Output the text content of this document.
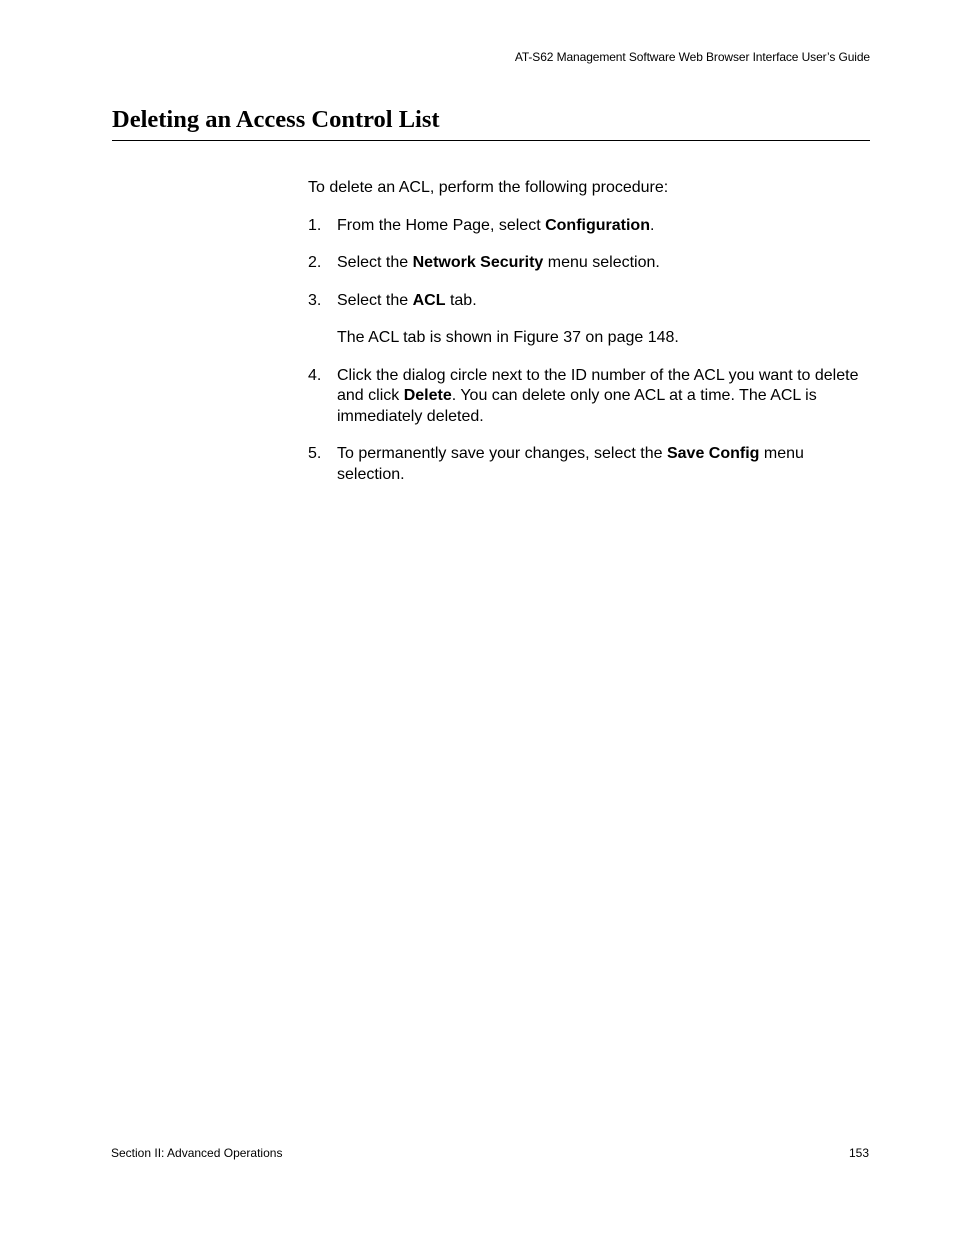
AT-S62 Management Software Web Browser Interface User’s Guide
Deleting an Access Control List

To delete an ACL, perform the following procedure:

1. From the Home Page, select Configuration.
2. Select the Network Security menu selection.
3. Select the ACL tab.

The ACL tab is shown in Figure 37 on page 148.

4. Click the dialog circle next to the ID number of the ACL you want to delete and click Delete. You can delete only one ACL at a time. The ACL is immediately deleted.
5. To permanently save your changes, select the Save Config menu selection.
Section II: Advanced Operations	153
